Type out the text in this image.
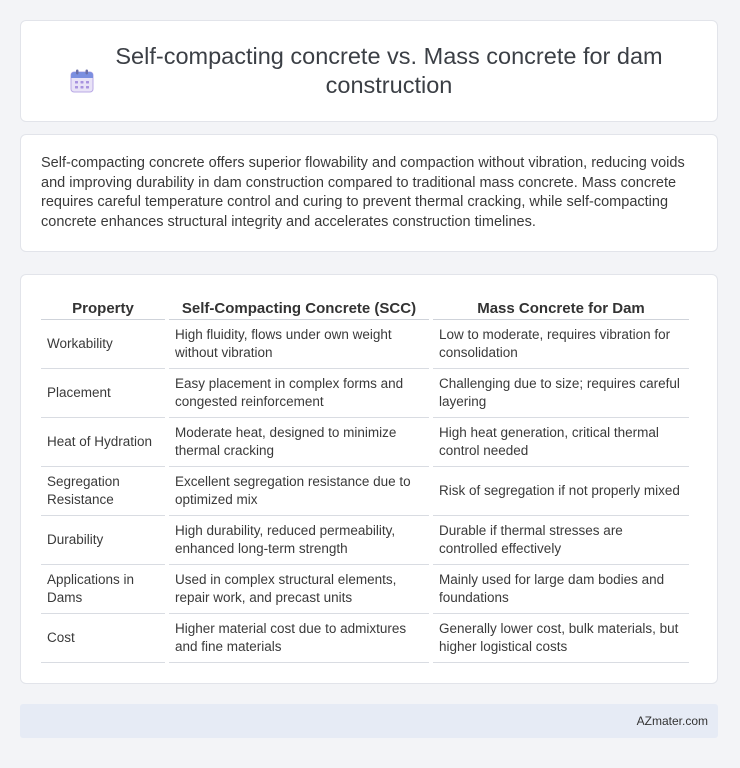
Self-compacting concrete vs. Mass concrete for dam construction

Self-compacting concrete offers superior flowability and compaction without vibration, reducing voids and improving durability in dam construction compared to traditional mass concrete. Mass concrete requires careful temperature control and curing to prevent thermal cracking, while self-compacting concrete enhances structural integrity and accelerates construction timelines.

Property	Self-Compacting Concrete (SCC)	Mass Concrete for Dam
Workability	High fluidity, flows under own weight without vibration	Low to moderate, requires vibration for consolidation
Placement	Easy placement in complex forms and congested reinforcement	Challenging due to size; requires careful layering
Heat of Hydration	Moderate heat, designed to minimize thermal cracking	High heat generation, critical thermal control needed
Segregation Resistance	Excellent segregation resistance due to optimized mix	Risk of segregation if not properly mixed
Durability	High durability, reduced permeability, enhanced long-term strength	Durable if thermal stresses are controlled effectively
Applications in Dams	Used in complex structural elements, repair work, and precast units	Mainly used for large dam bodies and foundations
Cost	Higher material cost due to admixtures and fine materials	Generally lower cost, bulk materials, but higher logistical costs
AZmater.com
